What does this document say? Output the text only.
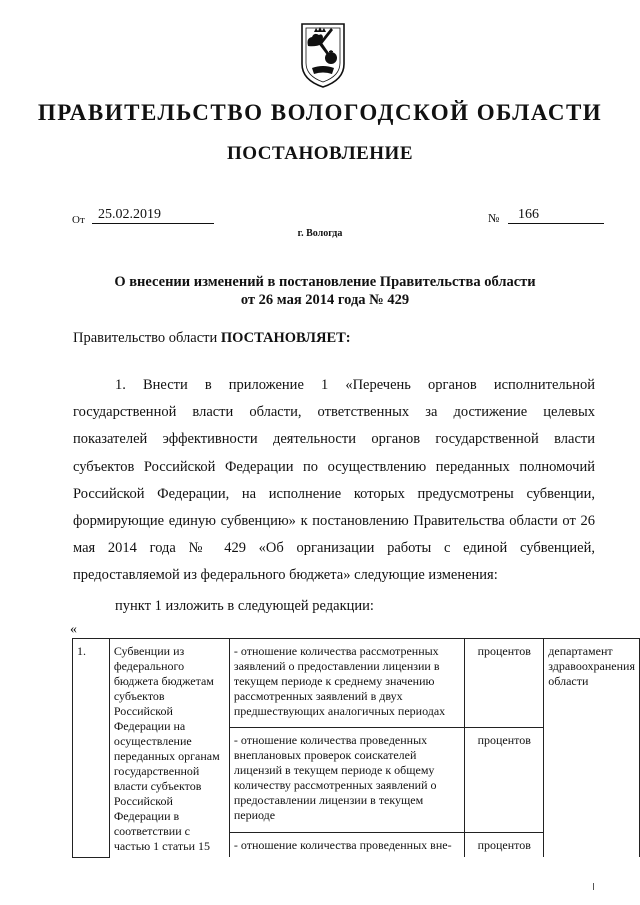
ПРАВИТЕЛЬСТВО ВОЛОГОДСКОЙ ОБЛАСТИ
ПОСТАНОВЛЕНИЕ
От 25.02.2019	№	166
г. Вологда
О внесении изменений в постановление Правительства области
от 26 мая 2014 года № 429
Правительство области ПОСТАНОВЛЯЕТ:
1. Внести в приложение 1 «Перечень органов исполнительной государственной власти области, ответственных за достижение целевых показателей эффективности деятельности органов государственной власти субъектов Российской Федерации по осуществлению переданных полномочий Российской Федерации, на исполнение которых предусмотрены субвенции, формирующие единую субвенцию» к постановлению Правительства области от 26 мая 2014 года № 429 «Об организации работы с единой субвенцией, предоставляемой из федерального бюджета» следующие изменения:
пункт 1 изложить в следующей редакции:
«
1.	Субвенции из федерального бюджета бюджетам субъектов Российской Федерации на осуществление переданных органам государственной власти субъектов Российской Федерации в соответствии с частью 1 статьи 15	- отношение количества рассмотренных заявлений о предоставлении лицензии в текущем периоде к среднему значению рассмотренных заявлений в двух предшествующих аналогичных периодах	процентов	департамент здравоохранения области
		- отношение количества проведенных внеплановых проверок соискателей лицензий в текущем периоде к общему количеству рассмотренных заявлений о предоставлении лицензии в текущем периоде	процентов	
		- отношение количества проведенных вне-	процентов	
